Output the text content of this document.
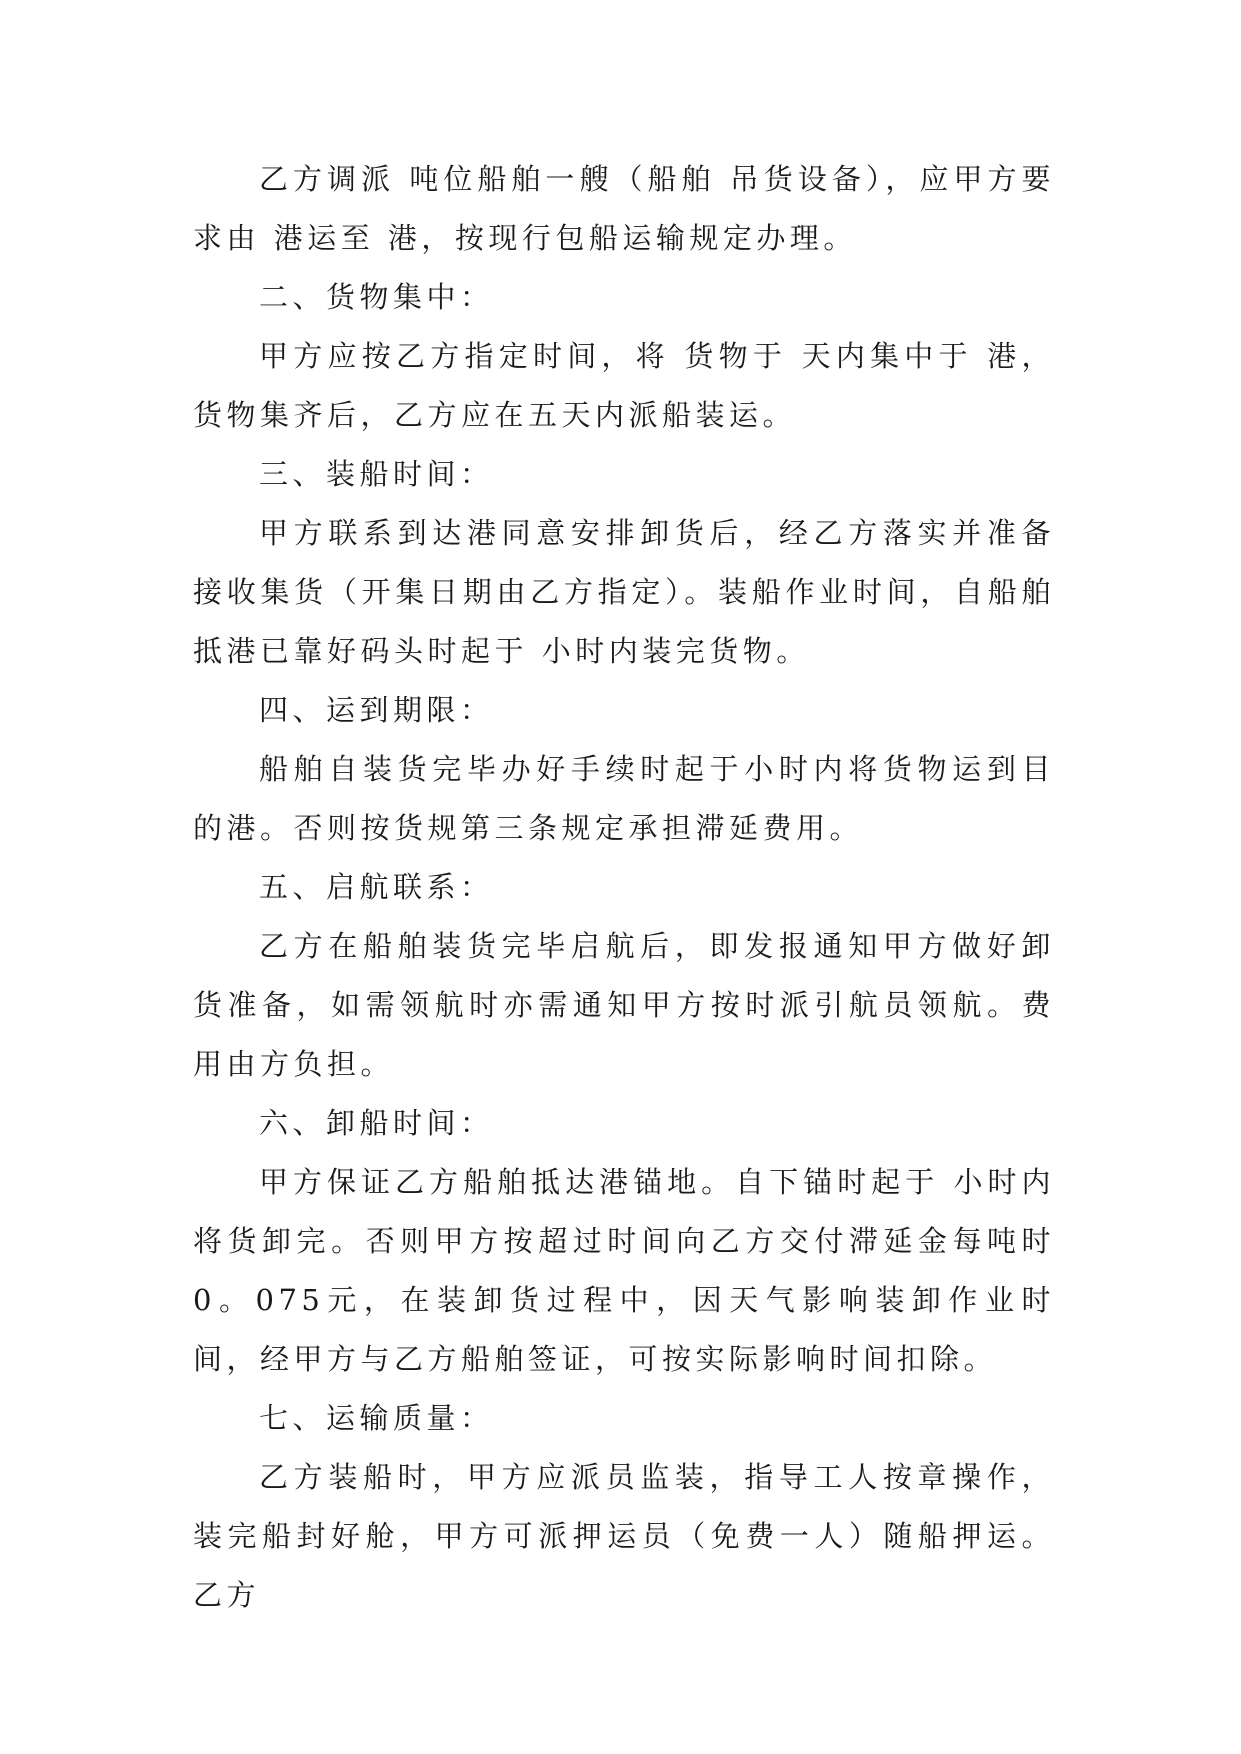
乙方调派 吨位船舶一艘（船舶 吊货设备），应甲方要求由 港运至 港，按现行包船运输规定办理。

二、货物集中：

甲方应按乙方指定时间，将 货物于 天内集中于 港，货物集齐后，乙方应在五天内派船装运。

三、装船时间：

甲方联系到达港同意安排卸货后，经乙方落实并准备接收集货（开集日期由乙方指定）。装船作业时间，自船舶抵港已靠好码头时起于 小时内装完货物。

四、运到期限：

船舶自装货完毕办好手续时起于小时内将货物运到目的港。否则按货规第三条规定承担滞延费用。

五、启航联系：

乙方在船舶装货完毕启航后，即发报通知甲方做好卸货准备，如需领航时亦需通知甲方按时派引航员领航。费用由方负担。

六、卸船时间：

甲方保证乙方船舶抵达港锚地。自下锚时起于 小时内将货卸完。否则甲方按超过时间向乙方交付滞延金每吨时0。075元，在装卸货过程中，因天气影响装卸作业时间，经甲方与乙方船舶签证，可按实际影响时间扣除。

七、运输质量：

乙方装船时，甲方应派员监装，指导工人按章操作，装完船封好舱，甲方可派押运员（免费一人）随船押运。乙方
